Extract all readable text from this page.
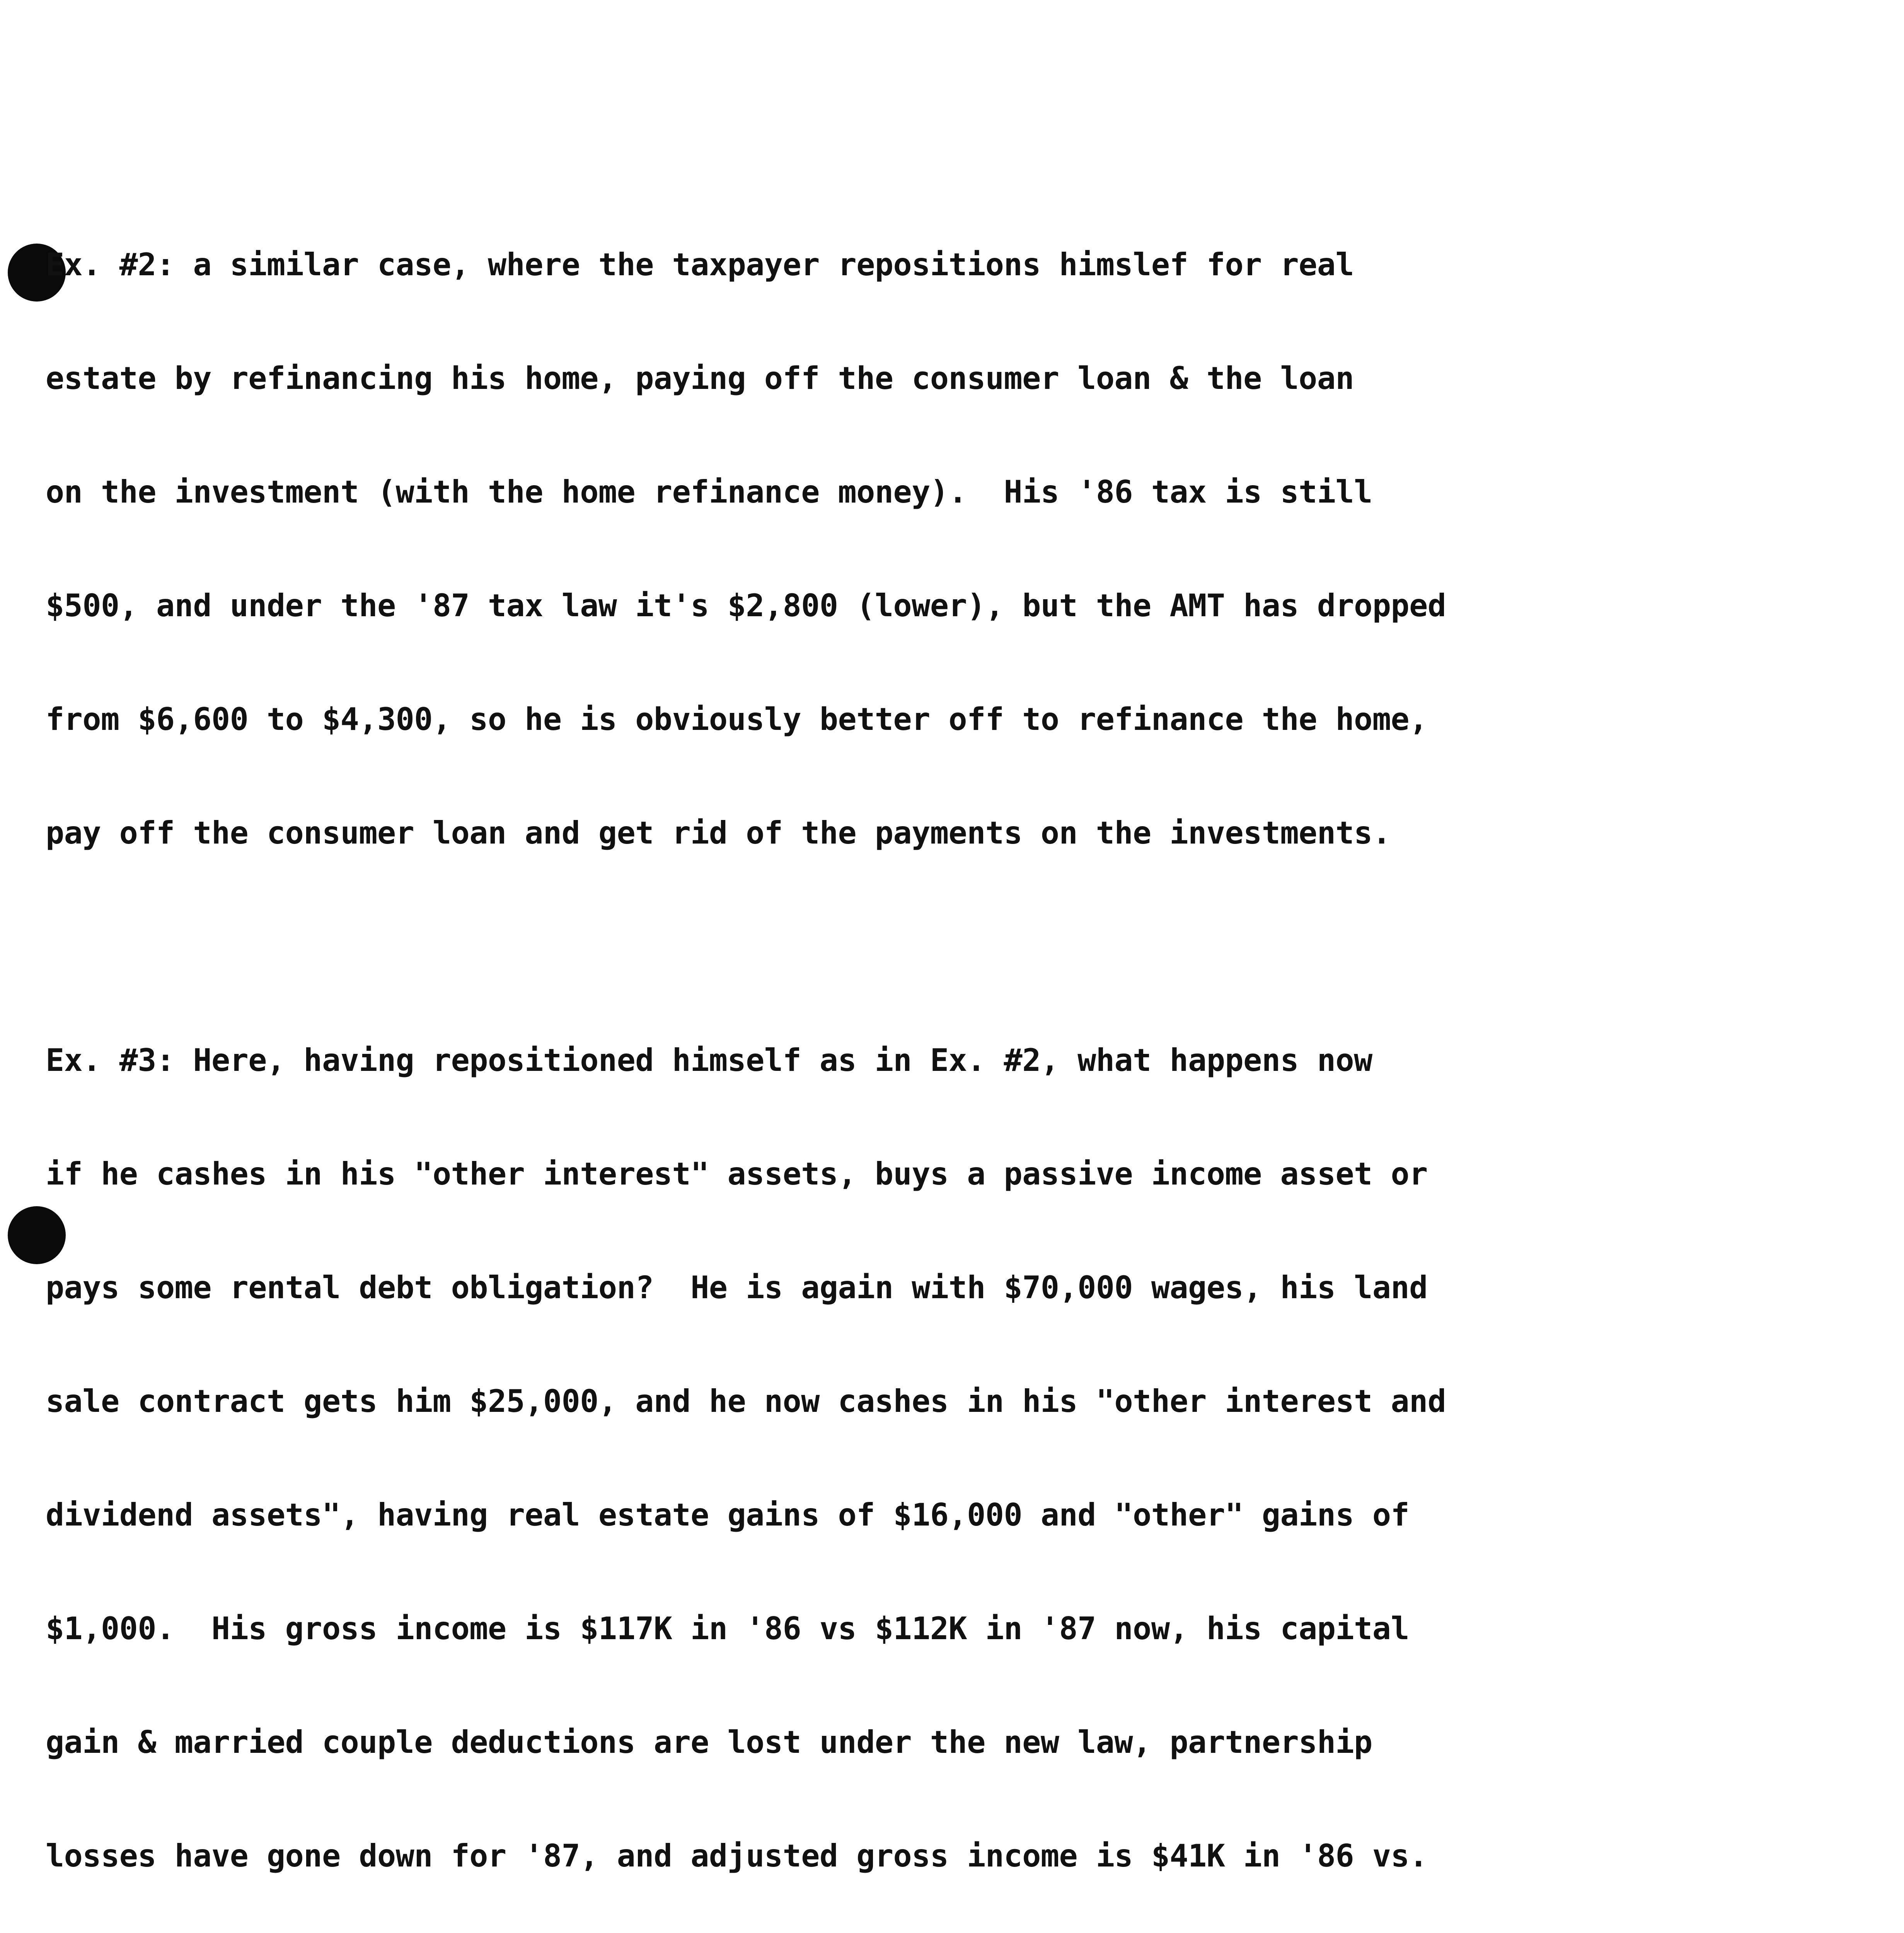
Ex. #2: a similar case, where the taxpayer repositions himslef for real

estate by refinancing his home, paying off the consumer loan & the loan

on the investment (with the home refinance money).  His '86 tax is still

$500, and under the '87 tax law it's $2,800 (lower), but the AMT has dropped

from $6,600 to $4,300, so he is obviously better off to refinance the home,

pay off the consumer loan and get rid of the payments on the investments.

Ex. #3: Here, having repositioned himself as in Ex. #2, what happens now

if he cashes in his "other interest" assets, buys a passive income asset or

pays some rental debt obligation?  He is again with $70,000 wages, his land

sale contract gets him $25,000, and he now cashes in his "other interest and

dividend assets", having real estate gains of $16,000 and "other" gains of

$1,000.  His gross income is $117K in '86 vs $112K in '87 now, his capital

gain & married couple deductions are lost under the new law, partnership

losses have gone down for '87, and adjusted gross income is $41K in '86 vs.
